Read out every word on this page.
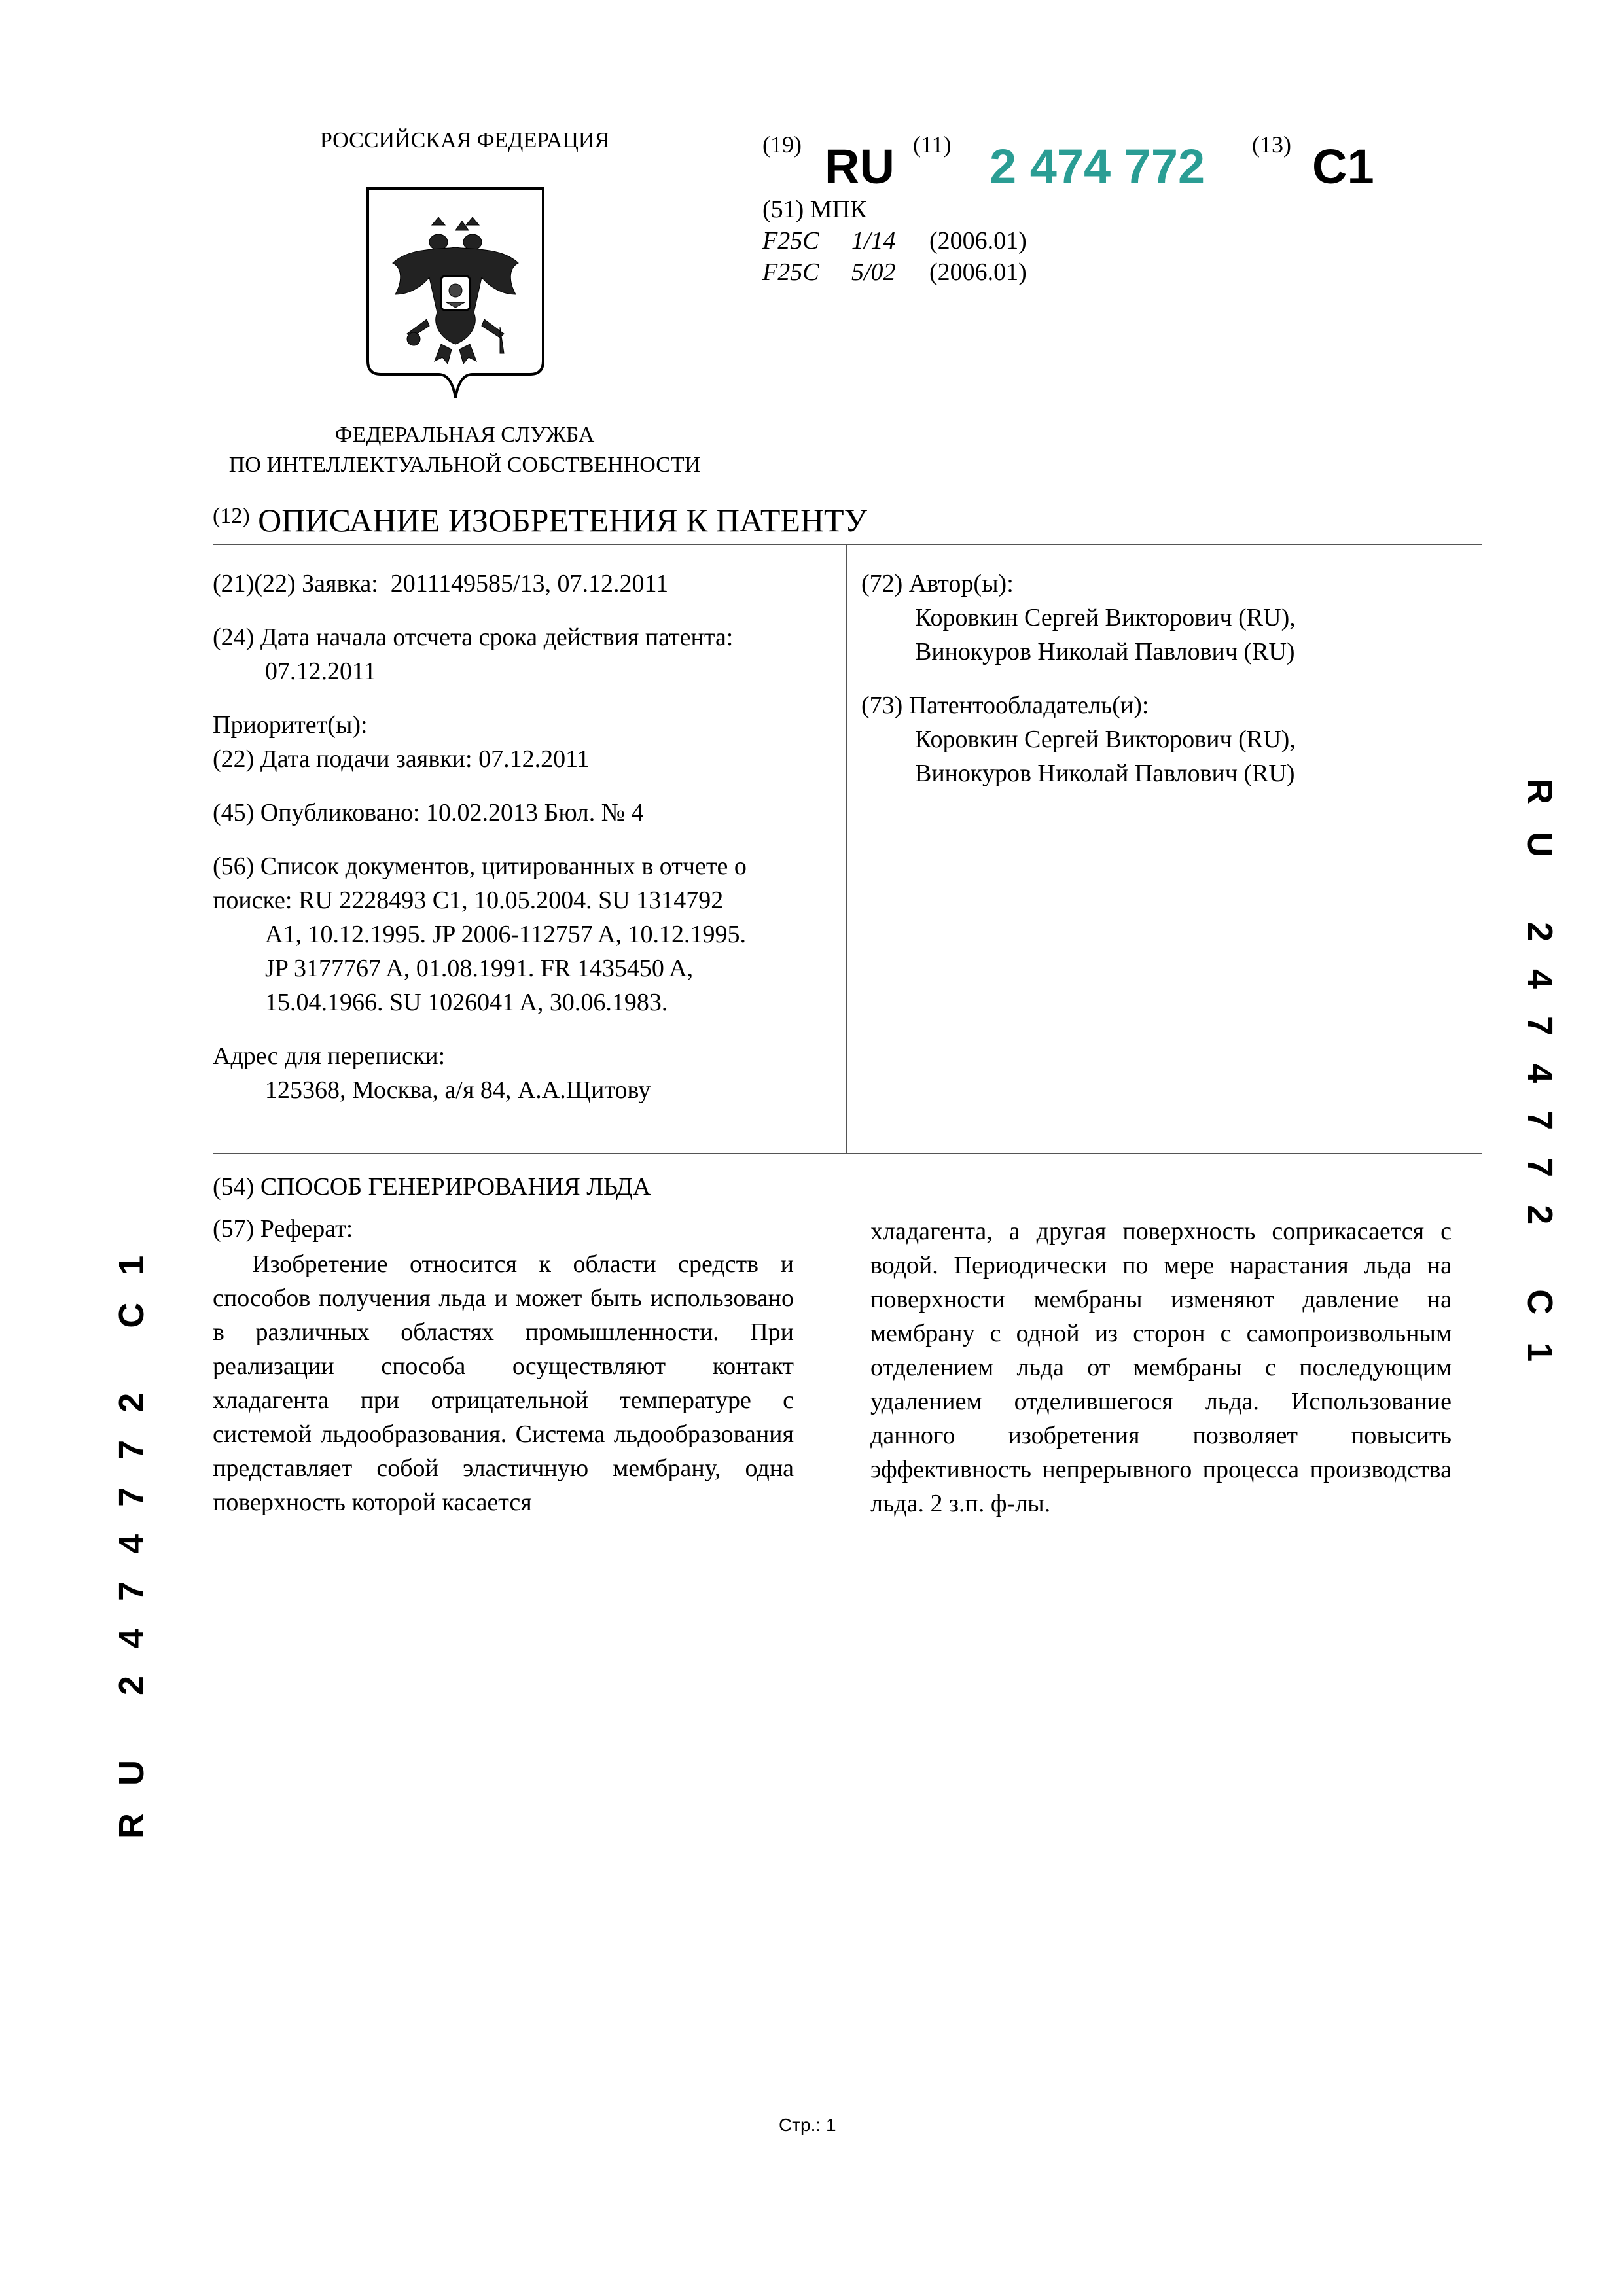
РОССИЙСКАЯ ФЕДЕРАЦИЯ
ФЕДЕРАЛЬНАЯ СЛУЖБА
ПО ИНТЕЛЛЕКТУАЛЬНОЙ СОБСТВЕННОСТИ
(19) RU (11) 2 474 772 (13) C1
(51) МПК
F25C 1/14 (2006.01)
F25C 5/02 (2006.01)
$^{(12)}$ ОПИСАНИЕ ИЗОБРЕТЕНИЯ К ПАТЕНТУ
(21)(22) Заявка: 2011149585/13, 07.12.2011
(24) Дата начала отсчета срока действия патента:
07.12.2011
Приоритет(ы):
(22) Дата подачи заявки: 07.12.2011
(45) Опубликовано: 10.02.2013 Бюл. № 4
(56) Список документов, цитированных в отчете о
поиске: RU 2228493 C1, 10.05.2004. SU 1314792
A1, 10.12.1995. JP 2006-112757 A, 10.12.1995.
JP 3177767 A, 01.08.1991. FR 1435450 A,
15.04.1966. SU 1026041 A, 30.06.1983.
Адрес для переписки:
125368, Москва, а/я 84, А.А.Щитову
(72) Автор(ы):
Коровкин Сергей Викторович (RU),
Винокуров Николай Павлович (RU)
(73) Патентообладатель(и):
Коровкин Сергей Викторович (RU),
Винокуров Николай Павлович (RU)
(54) СПОСОБ ГЕНЕРИРОВАНИЯ ЛЬДА
(57) Реферат:
Изобретение относится к области средств и способов получения льда и может быть использовано в различных областях промышленности. При реализации способа осуществляют контакт хладагента при отрицательной температуре с системой льдообразования. Система льдообразования представляет собой эластичную мембрану, одна поверхность которой касается
хладагента, а другая поверхность соприкасается с водой. Периодически по мере нарастания льда на поверхности мембраны изменяют давление на мембрану с одной из сторон с самопроизвольным отделением льда от мембраны с последующим удалением отделившегося льда. Использование данного изобретения позволяет повысить эффективность непрерывного процесса производства льда. 2 з.п. ф-лы.
RU 2474772 C1
RU 2474772 C1
Стр.: 1
